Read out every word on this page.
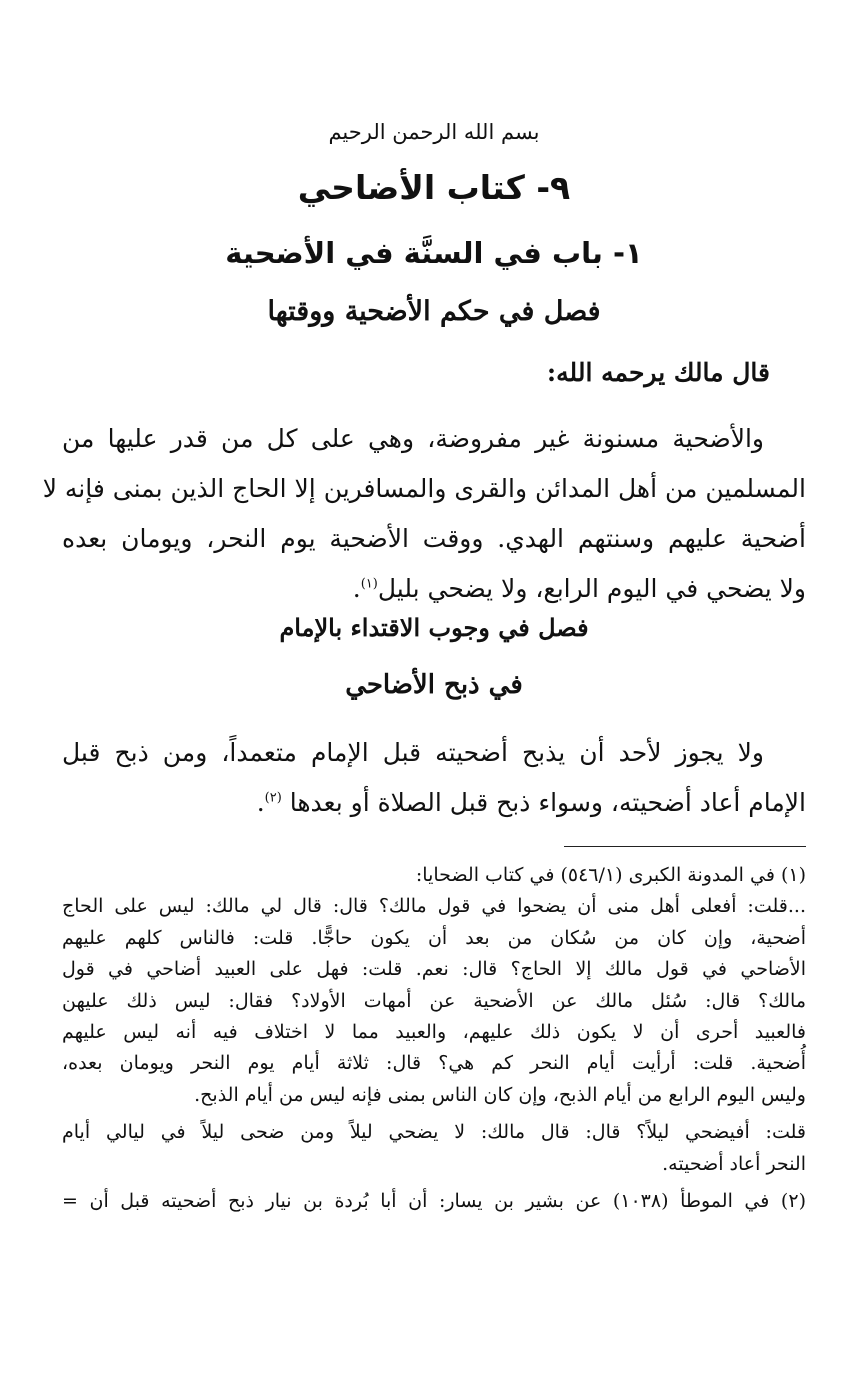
بسم الله الرحمن الرحيم
٩- كتاب الأضاحي
١- باب في السنَّة في الأضحية
فصل في حكم الأضحية ووقتها
قال مالك يرحمه الله:
والأضحية مسنونة غير مفروضة، وهي على كل من قدر عليها من
المسلمين من أهل المدائن والقرى والمسافرين إلا الحاج الذين بمنى فإنه لا
أضحية عليهم وسنتهم الهدي. ووقت الأضحية يوم النحر، ويومان بعده
ولا يضحي في اليوم الرابع، ولا يضحي بليل$^{(١)}$.
فصل في وجوب الاقتداء بالإمام
في ذبح الأضاحي
ولا يجوز لأحد أن يذبح أضحيته قبل الإمام متعمداً، ومن ذبح قبل
الإمام أعاد أضحيته، وسواء ذبح قبل الصلاة أو بعدها $^{(٢)}$.
(١) في المدونة الكبرى (٥٤٦/١) في كتاب الضحايا:
...قلت: أفعلى أهل منى أن يضحوا في قول مالك؟ قال: قال لي مالك: ليس على الحاج
أضحية، وإن كان من سُكان من بعد أن يكون حاجًّا. قلت: فالناس كلهم عليهم
الأضاحي في قول مالك إلا الحاج؟ قال: نعم. قلت: فهل على العبيد أضاحي في قول
مالك؟ قال: سُئل مالك عن الأضحية عن أمهات الأولاد؟ فقال: ليس ذلك عليهن
فالعبيد أحرى أن لا يكون ذلك عليهم، والعبيد مما لا اختلاف فيه أنه ليس عليهم
أُضحية. قلت: أرأيت أيام النحر كم هي؟ قال: ثلاثة أيام يوم النحر ويومان بعده،
وليس اليوم الرابع من أيام الذبح، وإن كان الناس بمنى فإنه ليس من أيام الذبح.
قلت: أفيضحي ليلاً؟ قال: قال مالك: لا يضحي ليلاً ومن ضحى ليلاً في ليالي أيام
النحر أعاد أضحيته.
(٢) في الموطأ (١٠٣٨) عن بشير بن يسار: أن أبا بُردة بن نيار ذبح أضحيته قبل أن =
